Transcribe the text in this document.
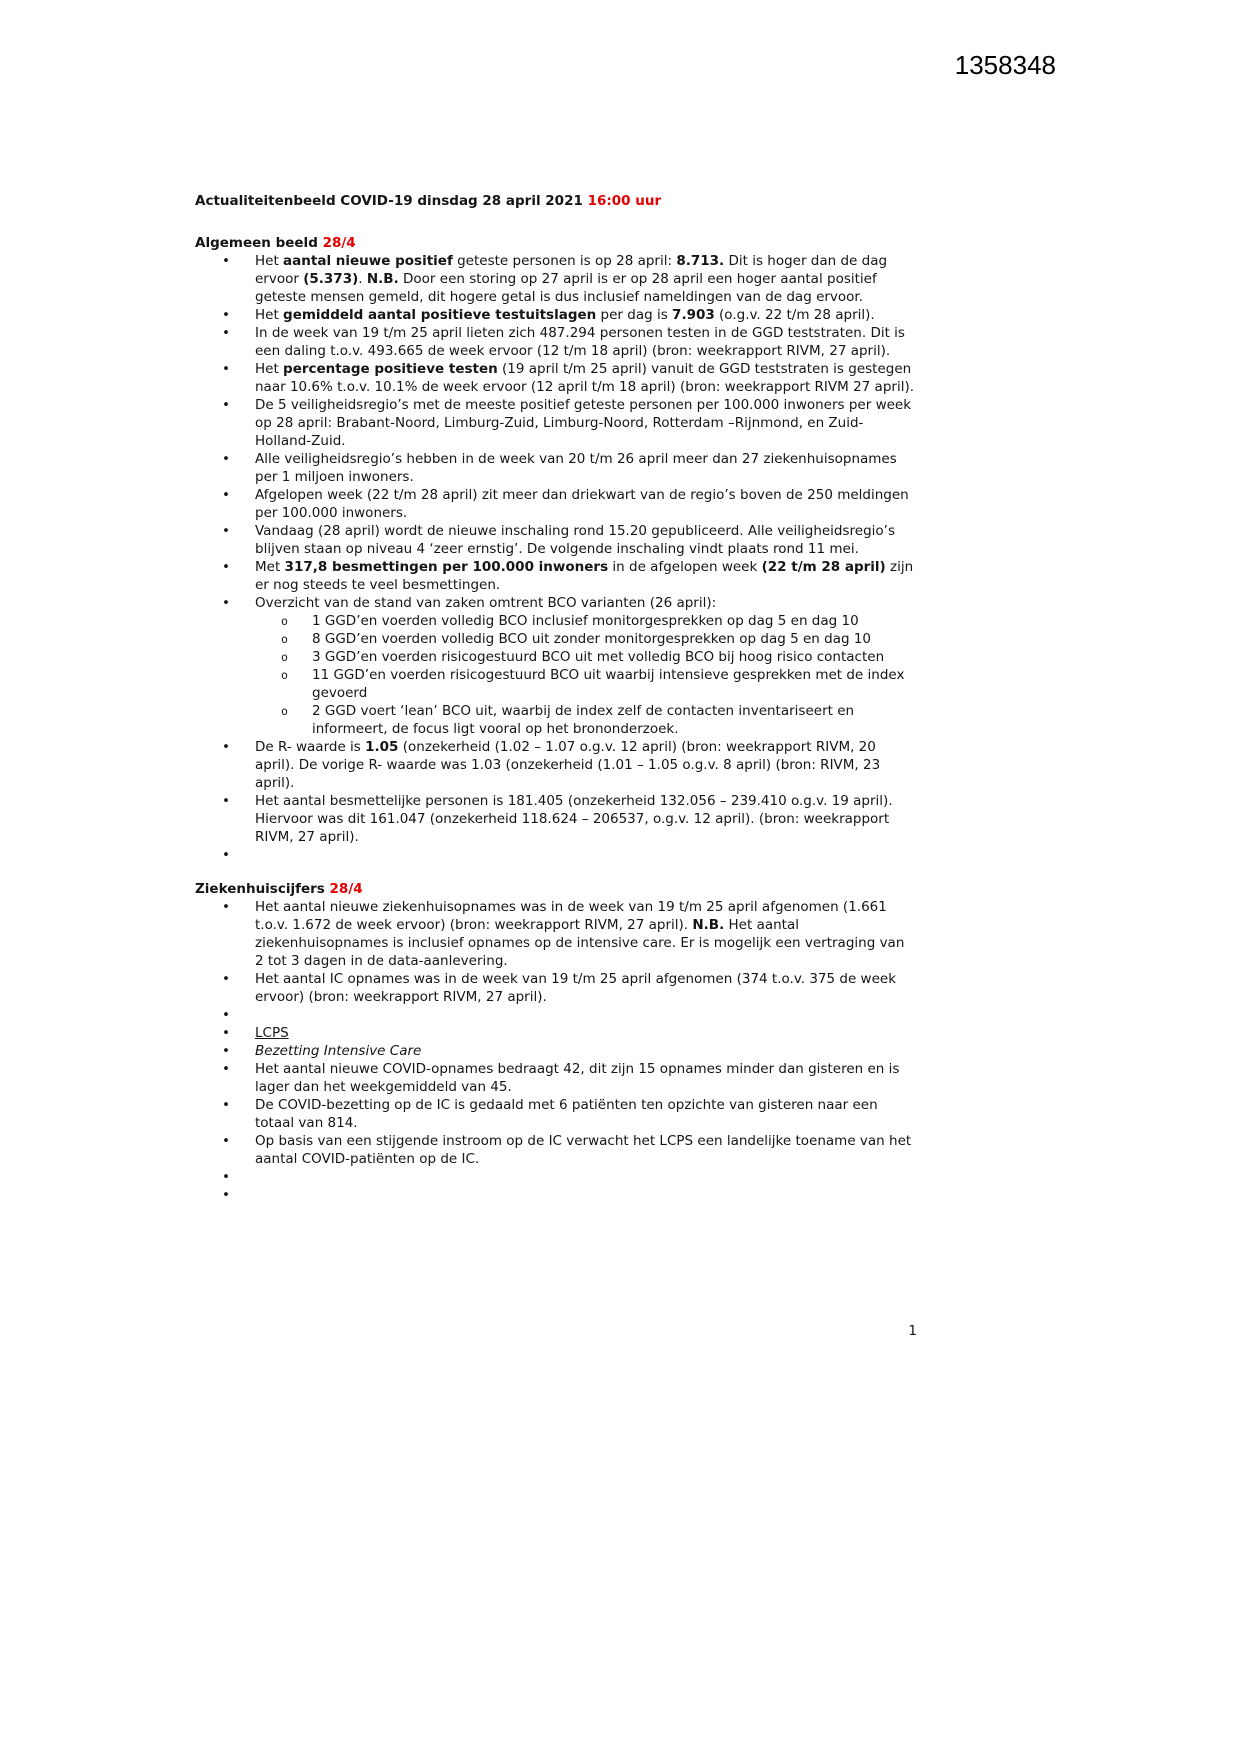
1358348
Actualiteitenbeeld COVID-19 dinsdag 28 april 2021 16:00 uur
Algemeen beeld 28/4
• Het aantal nieuwe positief geteste personen is op 28 april: 8.713. Dit is hoger dan de dag ervoor (5.373). N.B. Door een storing op 27 april is er op 28 april een hoger aantal positief geteste mensen gemeld, dit hogere getal is dus inclusief nameldingen van de dag ervoor.
• Het gemiddeld aantal positieve testuitslagen per dag is 7.903 (o.g.v. 22 t/m 28 april).
• In de week van 19 t/m 25 april lieten zich 487.294 personen testen in de GGD teststraten. Dit is een daling t.o.v. 493.665 de week ervoor (12 t/m 18 april) (bron: weekrapport RIVM, 27 april).
• Het percentage positieve testen (19 april t/m 25 april) vanuit de GGD teststraten is gestegen naar 10.6% t.o.v. 10.1% de week ervoor (12 april t/m 18 april) (bron: weekrapport RIVM 27 april).
• De 5 veiligheidsregio’s met de meeste positief geteste personen per 100.000 inwoners per week op 28 april: Brabant-Noord, Limburg-Zuid, Limburg-Noord, Rotterdam –Rijnmond, en Zuid-Holland-Zuid.
• Alle veiligheidsregio’s hebben in de week van 20 t/m 26 april meer dan 27 ziekenhuisopnames per 1 miljoen inwoners.
• Afgelopen week (22 t/m 28 april) zit meer dan driekwart van de regio’s boven de 250 meldingen per 100.000 inwoners.
• Vandaag (28 april) wordt de nieuwe inschaling rond 15.20 gepubliceerd. Alle veiligheidsregio’s blijven staan op niveau 4 ‘zeer ernstig’. De volgende inschaling vindt plaats rond 11 mei.
• Met 317,8 besmettingen per 100.000 inwoners in de afgelopen week (22 t/m 28 april) zijn er nog steeds te veel besmettingen.
• Overzicht van de stand van zaken omtrent BCO varianten (26 april):
o 1 GGD’en voerden volledig BCO inclusief monitorgesprekken op dag 5 en dag 10
o 8 GGD’en voerden volledig BCO uit zonder monitorgesprekken op dag 5 en dag 10
o 3 GGD’en voerden risicogestuurd BCO uit met volledig BCO bij hoog risico contacten
o 11 GGD’en voerden risicogestuurd BCO uit waarbij intensieve gesprekken met de index gevoerd
o 2 GGD voert ‘lean’ BCO uit, waarbij de index zelf de contacten inventariseert en informeert, de focus ligt vooral op het brononderzoek.
• De R- waarde is 1.05 (onzekerheid (1.02 – 1.07 o.g.v. 12 april) (bron: weekrapport RIVM, 20 april). De vorige R- waarde was 1.03 (onzekerheid (1.01 – 1.05 o.g.v. 8 april) (bron: RIVM, 23 april).
• Het aantal besmettelijke personen is 181.405 (onzekerheid 132.056 – 239.410 o.g.v. 19 april). Hiervoor was dit 161.047 (onzekerheid 118.624 – 206537, o.g.v. 12 april). (bron: weekrapport RIVM, 27 april).
•
Ziekenhuiscijfers 28/4
• Het aantal nieuwe ziekenhuisopnames was in de week van 19 t/m 25 april afgenomen (1.661 t.o.v. 1.672 de week ervoor) (bron: weekrapport RIVM, 27 april). N.B. Het aantal ziekenhuisopnames is inclusief opnames op de intensive care. Er is mogelijk een vertraging van 2 tot 3 dagen in de data-aanlevering.
• Het aantal IC opnames was in de week van 19 t/m 25 april afgenomen (374 t.o.v. 375 de week ervoor) (bron: weekrapport RIVM, 27 april).
•
• LCPS
• Bezetting Intensive Care
• Het aantal nieuwe COVID-opnames bedraagt 42, dit zijn 15 opnames minder dan gisteren en is lager dan het weekgemiddeld van 45.
• De COVID-bezetting op de IC is gedaald met 6 patiënten ten opzichte van gisteren naar een totaal van 814.
• Op basis van een stijgende instroom op de IC verwacht het LCPS een landelijke toename van het aantal COVID-patiënten op de IC.
•
•
1
